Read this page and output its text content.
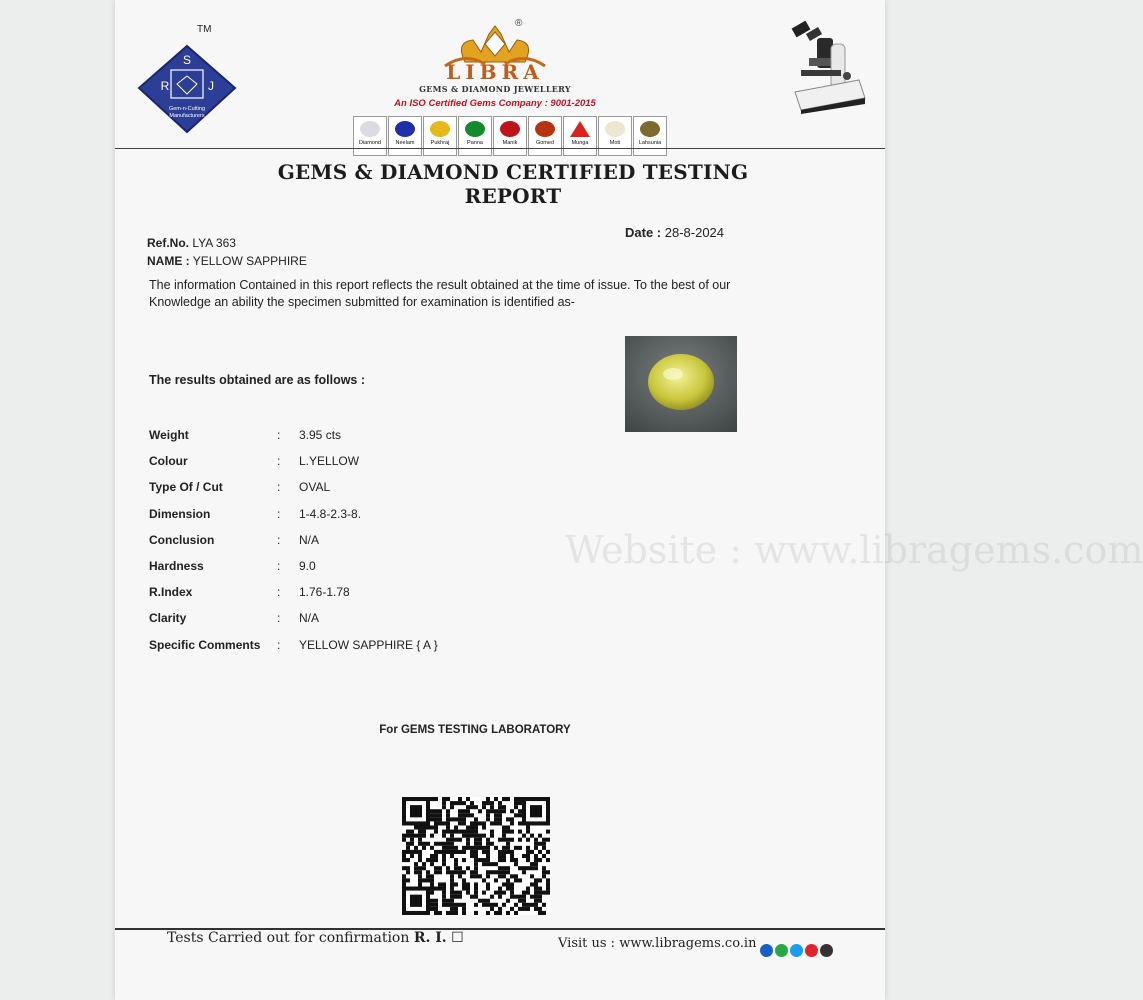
S
R	J
Gem-n-Cutting
Manufacturers
TM
®
LIBRA
GEMS & DIAMOND JEWELLERY
An ISO Certified Gems Company : 9001-2015
Diamond	Neelam	Pukhraj	Panna	Manik	Gomed	Munga	Moti	Lahsunia
GEMS & DIAMOND CERTIFIED TESTING REPORT
Date : 28-8-2024
Ref.No. LYA 363
NAME : YELLOW SAPPHIRE
The information Contained in this report reflects the result obtained at the time of issue. To the best of our Knowledge an ability the specimen submitted for examination is identified as-
The results obtained are as follows :
Website : www.libragems.com
Weight	:	3.95 cts
Colour	:	L.YELLOW
Type Of / Cut	:	OVAL
Dimension	:	1-4.8-2.3-8.
Conclusion	:	N/A
Hardness	:	9.0
R.Index	:	1.76-1.78
Clarity	:	N/A
Specific Comments	:	YELLOW SAPPHIRE { A }
For GEMS TESTING LABORATORY
Tests Carried out for confirmation R. I. ☐	Visit us : www.libragems.co.in
